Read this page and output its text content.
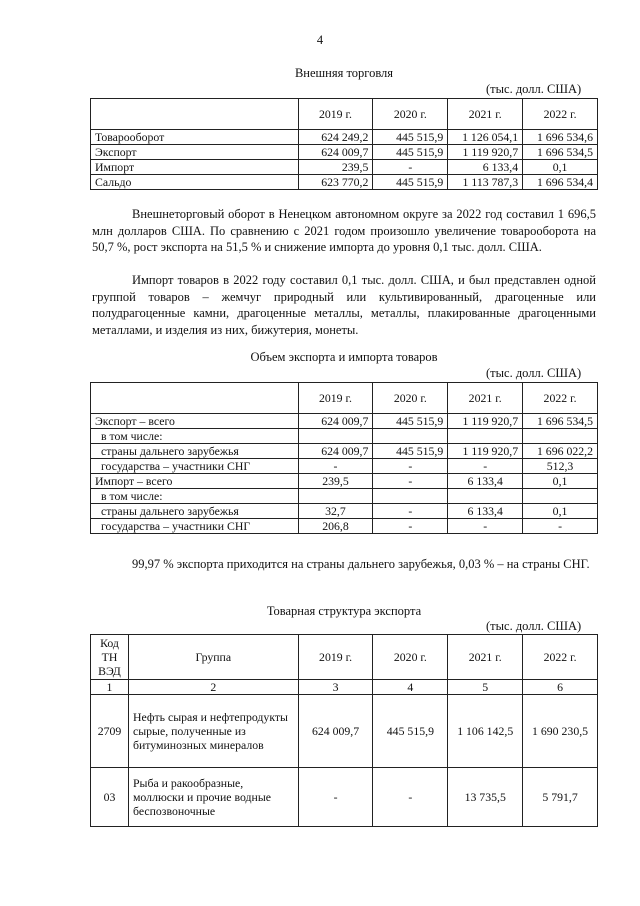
4
Внешняя торговля
(тыс. долл. США)
	2019 г.	2020 г.	2021 г.	2022 г.
Товарооборот	624 249,2	445 515,9	1 126 054,1	1 696 534,6
Экспорт	624 009,7	445 515,9	1 119 920,7	1 696 534,5
Импорт	239,5	-	6 133,4	0,1
Сальдо	623 770,2	445 515,9	1 113 787,3	1 696 534,4
Внешнеторговый оборот в Ненецком автономном округе за 2022 год составил 1 696,5 млн долларов США. По сравнению с 2021 годом произошло увеличение товарооборота на 50,7 %, рост экспорта на 51,5 % и снижение импорта до уровня 0,1 тыс. долл. США.
Импорт товаров в 2022 году составил 0,1 тыс. долл. США, и был представлен одной группой товаров – жемчуг природный или культивированный, драгоценные или полудрагоценные камни, драгоценные металлы, металлы, плакированные драгоценными металлами, и изделия из них, бижутерия, монеты.
Объем экспорта и импорта товаров
(тыс. долл. США)
	2019 г.	2020 г.	2021 г.	2022 г.
Экспорт – всего	624 009,7	445 515,9	1 119 920,7	1 696 534,5
в том числе:				
страны дальнего зарубежья	624 009,7	445 515,9	1 119 920,7	1 696 022,2
государства – участники СНГ	-	-	-	512,3
Импорт – всего	239,5	-	6 133,4	0,1
в том числе:				
страны дальнего зарубежья	32,7	-	6 133,4	0,1
государства – участники СНГ	206,8	-	-	-
99,97 % экспорта приходится на страны дальнего зарубежья, 0,03 % – на страны СНГ.
Товарная структура экспорта
(тыс. долл. США)
Код ТН ВЭД	Группа	2019 г.	2020 г.	2021 г.	2022 г.
1	2	3	4	5	6
2709	Нефть сырая и нефтепродукты сырые, полученные из битуминозных минералов	624 009,7	445 515,9	1 106 142,5	1 690 230,5
03	Рыба и ракообразные, моллюски и прочие водные беспозвоночные	-	-	13 735,5	5 791,7
